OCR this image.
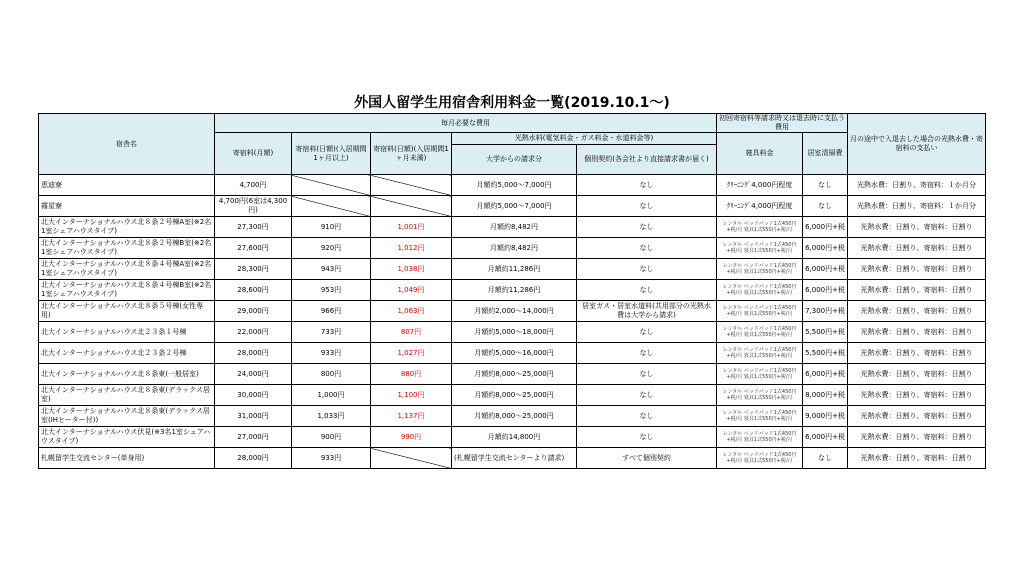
外国人留学生用宿舎利用料金一覧(2019.10.1〜)
宿舎名	毎月必要な費用					初回寄宿料等請求時又は退去時に支払う費用		月の途中で入退去した場合の光熱水費・寄宿料の支払い
	寄宿料(月額)	寄宿料(日額)(入居期間1ヶ月以上)	寄宿料(日額)(入居期間1ヶ月未満)	光熱水料(電気料金・ガス料金・水道料金等)		寝具料金	居室清掃費	
				大学からの請求分	個別契約(各会社より直接請求書が届く)			
恵迪寮	4,700円			月額約5,000〜7,000円	なし	ｸﾘｰﾆﾝｸﾞ4,000円程度	なし	光熱水費：日割り、寄宿料：１か月分
霧星寮	4,700円(6室は4,300円)			月額約5,000〜7,000円	なし	ｸﾘｰﾆﾝｸﾞ4,000円程度	なし	光熱水費：日割り、寄宿料：１か月分
北大インターナショナルハウス北８条２号棟A室(※2名1室シェアハウスタイプ)	27,300円	910円	1,001円	月額約8,482円	なし	レンタル ベッドパッド1式450円+税/月 寝具1式550円+税/月	6,000円+税	光熱水費：日割り、寄宿料：日割り
北大インターナショナルハウス北８条２号棟B室(※2名1室シェアハウスタイプ)	27,600円	920円	1,012円	月額約8,482円	なし	レンタル ベッドパッド1式450円+税/月 寝具1式550円+税/月	6,000円+税	光熱水費：日割り、寄宿料：日割り
北大インターナショナルハウス北８条４号棟A室(※2名1室シェアハウスタイプ)	28,300円	943円	1,038円	月額約11,286円	なし	レンタル ベッドパッド1式450円+税/月 寝具1式550円+税/月	6,000円+税	光熱水費：日割り、寄宿料：日割り
北大インターナショナルハウス北８条４号棟B室(※2名1室シェアハウスタイプ)	28,600円	953円	1,049円	月額約11,286円	なし	レンタル ベッドパッド1式450円+税/月 寝具1式550円+税/月	6,000円+税	光熱水費：日割り、寄宿料：日割り
北大インターナショナルハウス北８条５号棟(女性専用)	29,000円	966円	1,063円	月額約2,000〜14,000円	居室ガス・居室水道料(共用部分の光熱水費は大学から請求)	レンタル ベッドパッド1式450円+税/月 寝具1式550円+税/月	7,300円+税	光熱水費：日割り、寄宿料：日割り
北大インターナショナルハウス北２３条１号棟	22,000円	733円	807円	月額約5,000〜18,000円	なし	レンタル ベッドパッド1式450円+税/月 寝具1式550円+税/月	5,500円+税	光熱水費：日割り、寄宿料：日割り
北大インターナショナルハウス北２３条２号棟	28,000円	933円	1,027円	月額約5,000〜16,000円	なし	レンタル ベッドパッド1式450円+税/月 寝具1式550円+税/月	5,500円+税	光熱水費：日割り、寄宿料：日割り
北大インターナショナルハウス北８条東(一般居室)	24,000円	800円	880円	月額約8,000〜25,000円	なし	レンタル ベッドパッド1式450円+税/月 寝具1式550円+税/月	6,000円+税	光熱水費：日割り、寄宿料：日割り
北大インターナショナルハウス北８条東(デラックス居室)	30,000円	1,000円	1,100円	月額約8,000〜25,000円	なし	レンタル ベッドパッド1式450円+税/月 寝具1式550円+税/月	8,000円+税	光熱水費：日割り、寄宿料：日割り
北大インターナショナルハウス北８条東(デラックス居室(IHヒーター付))	31,000円	1,033円	1,137円	月額約8,000〜25,000円	なし	レンタル ベッドパッド1式450円+税/月 寝具1式550円+税/月	9,000円+税	光熱水費：日割り、寄宿料：日割り
北大インターナショナルハウス伏見(※3名1室シェアハウスタイプ)	27,000円	900円	990円	月額約14,800円	なし	レンタル ベッドパッド1式450円+税/月 寝具1式550円+税/月	6,000円+税	光熱水費：日割り、寄宿料：日割り
札幌留学生交流センター(単身用)	28,000円	933円		(札幌留学生交流センターより請求)	すべて個別契約	レンタル ベッドパッド1式450円+税/月 寝具1式550円+税/月	なし	光熱水費：日割り、寄宿料：日割り
